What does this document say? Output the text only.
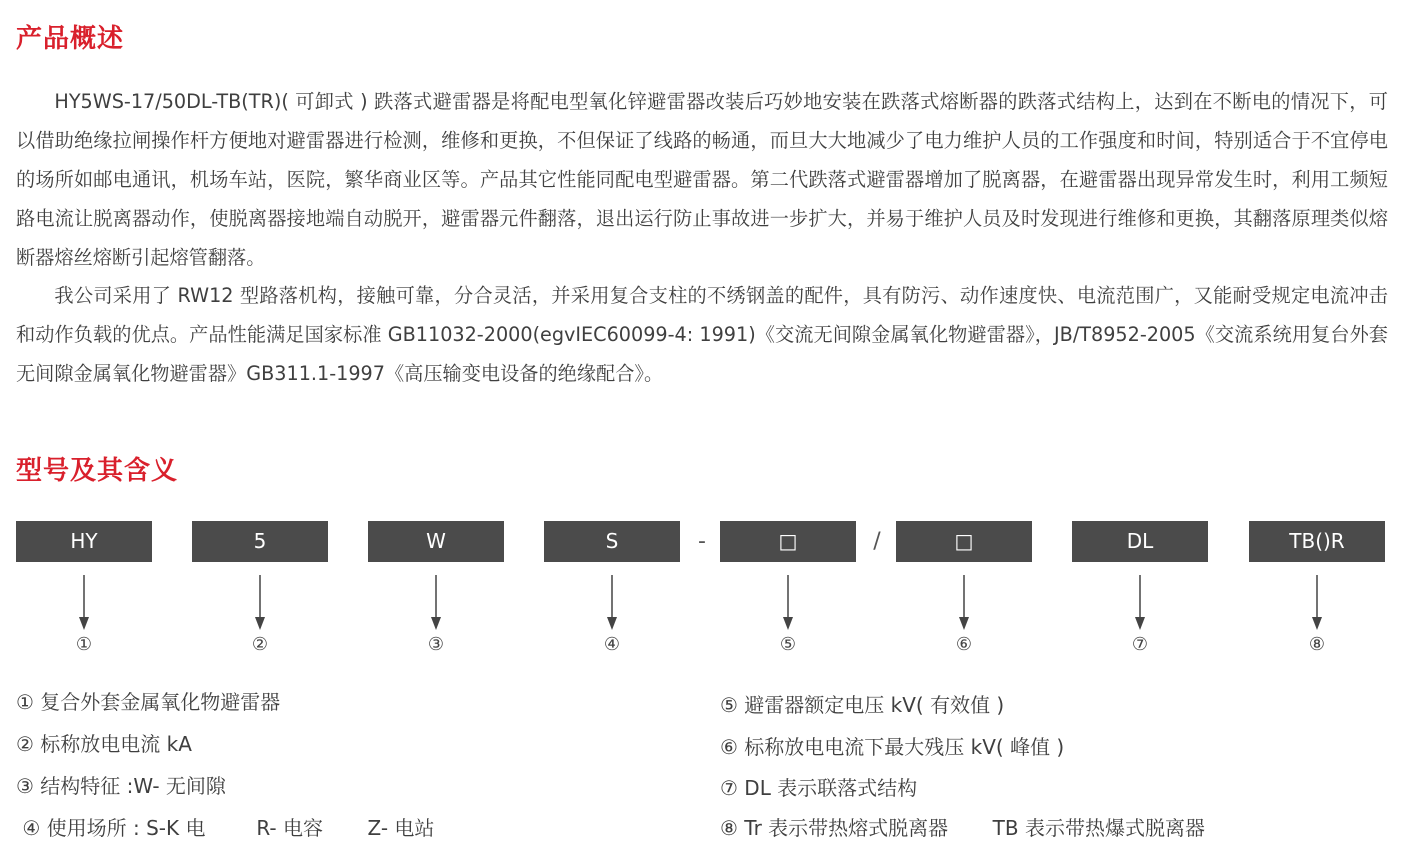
产品概述

HY5WS-17/50DL-TB(TR)( 可卸式 ) 跌落式避雷器是将配电型氧化锌避雷器改装后巧妙地安装在跌落式熔断器的跌落式结构上，达到在不断电的情况下，可以借助绝缘拉闸操作杆方便地对避雷器进行检测，维修和更换，不但保证了线路的畅通，而旦大大地减少了电力维护人员的工作强度和时间，特别适合于不宜停电的场所如邮电通讯，机场车站，医院，繁华商业区等。产品其它性能同配电型避雷器。第二代跌落式避雷器增加了脱离器，在避雷器出现异常发生时，利用工频短路电流让脱离器动作，使脱离器接地端自动脱开，避雷器元件翻落，退出运行防止事故进一步扩大，并易于维护人员及时发现进行维修和更换，其翻落原理类似熔断器熔丝熔断引起熔管翻落。

我公司采用了 RW12 型路落机构，接触可靠，分合灵活，并采用复合支柱的不绣钢盖的配件，具有防污、动作速度快、电流范围广，又能耐受规定电流冲击和动作负载的优点。产品性能满足国家标准 GB11032-2000(egvIEC60099-4: 1991)《交流无间隙金属氧化物避雷器》，JB/T8952-2005《交流系统用复台外套无间隙金属氧化物避雷器》GB311.1-1997《高压输变电设备的绝缘配合》。

型号及其含义
HY	5	W	S	-	□	/	□	DL	TB()R
①	②	③	④	⑤	⑥	⑦	⑧
① 复合外套金属氧化物避雷器
② 标称放电电流 kA
③ 结构特征 :W- 无间隙
④ 使用场所 : S-K 电        R- 电容       Z- 电站
⑤ 避雷器额定电压 kV( 有效值 )
⑥ 标称放电电流下最大残压 kV( 峰值 )
⑦ DL 表示联落式结构
⑧ Tr 表示带热熔式脱离器       TB 表示带热爆式脱离器
